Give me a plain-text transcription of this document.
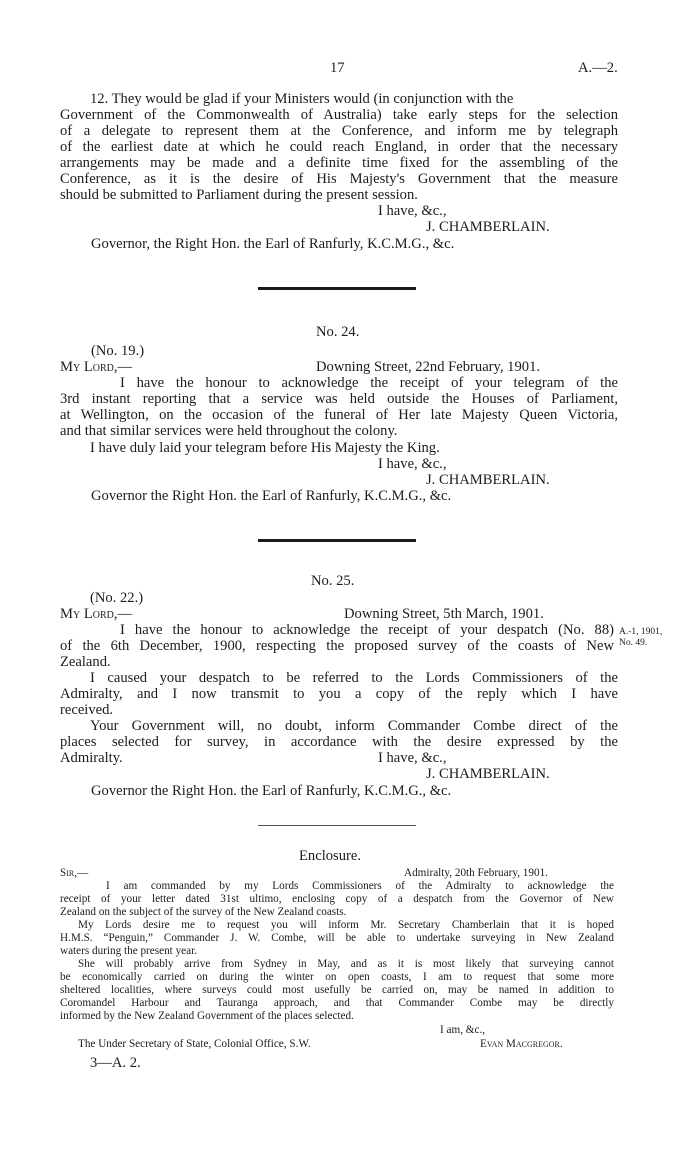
17	A.—2.
12. They would be glad if your Ministers would (in conjunction with the
Government of the Commonwealth of Australia) take early steps for the selection
of a delegate to represent them at the Conference, and inform me by telegraph
of the earliest date at which he could reach England, in order that the necessary
arrangements may be made and a definite time fixed for the assembling of the
Conference, as it is the desire of His Majesty's Government that the measure
should be submitted to Parliament during the present session.
I have, &c.,
J. CHAMBERLAIN.
Governor, the Right Hon. the Earl of Ranfurly, K.C.M.G., &c.
No. 24.
(No. 19.)
My Lord,—	Downing Street, 22nd February, 1901.
I have the honour to acknowledge the receipt of your telegram of the
3rd instant reporting that a service was held outside the Houses of Parliament,
at Wellington, on the occasion of the funeral of Her late Majesty Queen Victoria,
and that similar services were held throughout the colony.
I have duly laid your telegram before His Majesty the King.
I have, &c.,
J. CHAMBERLAIN.
Governor the Right Hon. the Earl of Ranfurly, K.C.M.G., &c.
No. 25.
(No. 22.)
My Lord,—	Downing Street, 5th March, 1901.
I have the honour to acknowledge the receipt of your despatch (No. 88) A.-1, 1901,
of the 6th December, 1900, respecting the proposed survey of the coasts of New No. 49.
Zealand.
I caused your despatch to be referred to the Lords Commissioners of the
Admiralty, and I now transmit to you a copy of the reply which I have
received.
Your Government will, no doubt, inform Commander Combe direct of the
places selected for survey, in accordance with the desire expressed by the
Admiralty.	I have, &c.,
J. CHAMBERLAIN.
Governor the Right Hon. the Earl of Ranfurly, K.C.M.G., &c.
Enclosure.
Sir,—	Admiralty, 20th February, 1901.
I am commanded by my Lords Commissioners of the Admiralty to acknowledge the
receipt of your letter dated 31st ultimo, enclosing copy of a despatch from the Governor of New
Zealand on the subject of the survey of the New Zealand coasts.
My Lords desire me to request you will inform Mr. Secretary Chamberlain that it is hoped
H.M.S. “Penguin,” Commander J. W. Combe, will be able to undertake surveying in New Zealand
waters during the present year.
She will probably arrive from Sydney in May, and as it is most likely that surveying cannot
be economically carried on during the winter on open coasts, I am to request that some more
sheltered localities, where surveys could most usefully be carried on, may be named in addition to
Coromandel Harbour and Tauranga approach, and that Commander Combe may be directly
informed by the New Zealand Government of the places selected.
I am, &c.,
The Under Secretary of State, Colonial Office, S.W.	Evan Macgregor.
3—A. 2.
